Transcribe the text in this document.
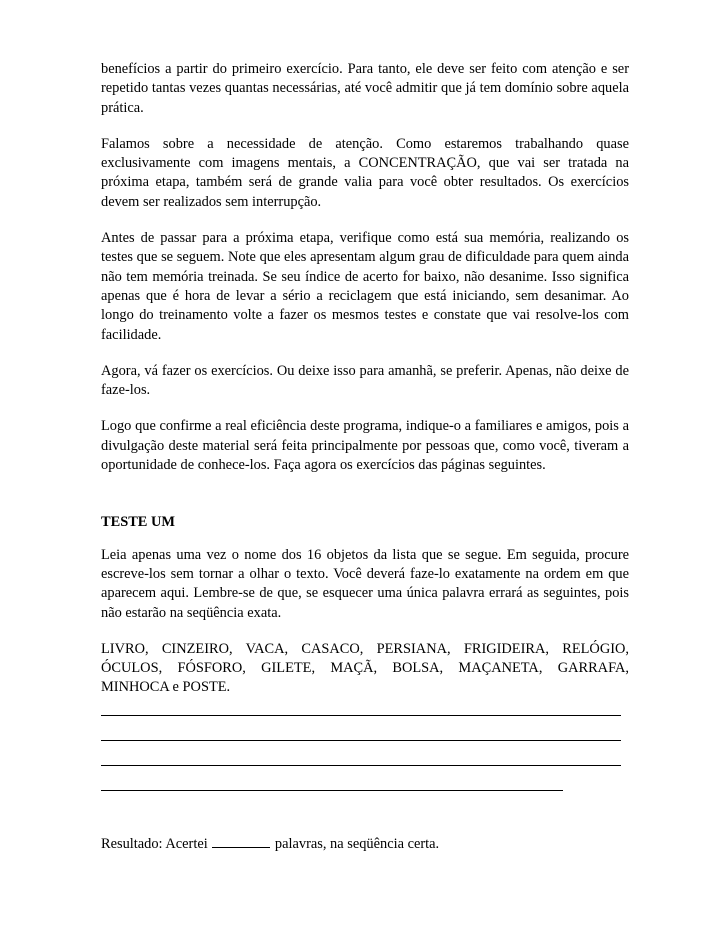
benefícios a partir do primeiro exercício. Para tanto, ele deve ser feito com atenção e ser repetido tantas vezes quantas necessárias, até você admitir que já tem domínio sobre aquela prática.

Falamos sobre a necessidade de atenção. Como estaremos trabalhando quase exclusivamente com imagens mentais, a CONCENTRAÇÃO, que vai ser tratada na próxima etapa, também será de grande valia para você obter resultados. Os exercícios devem ser realizados sem interrupção.

Antes de passar para a próxima etapa, verifique como está sua memória, realizando os testes que se seguem. Note que eles apresentam algum grau de dificuldade para quem ainda não tem memória treinada. Se seu índice de acerto for baixo, não desanime. Isso significa apenas que é hora de levar a sério a reciclagem que está iniciando, sem desanimar. Ao longo do treinamento volte a fazer os mesmos testes e constate que vai resolve-los com facilidade.

Agora, vá fazer os exercícios. Ou deixe isso para amanhã, se preferir. Apenas, não deixe de faze-los.

Logo que confirme a real eficiência deste programa, indique-o a familiares e amigos, pois a divulgação deste material será feita principalmente por pessoas que, como você, tiveram a oportunidade de conhece-los. Faça agora os exercícios das páginas seguintes.

TESTE UM

Leia apenas uma vez o nome dos 16 objetos da lista que se segue. Em seguida, procure escreve-los sem tornar a olhar o texto. Você deverá faze-lo exatamente na ordem em que aparecem aqui. Lembre-se de que, se esquecer uma única palavra errará as seguintes, pois não estarão na seqüência exata.

LIVRO, CINZEIRO, VACA, CASACO, PERSIANA, FRIGIDEIRA, RELÓGIO, ÓCULOS, FÓSFORO, GILETE, MAÇÃ, BOLSA, MAÇANETA, GARRAFA, MINHOCA e POSTE.

Resultado: Acertei	palavras, na seqüência certa.
